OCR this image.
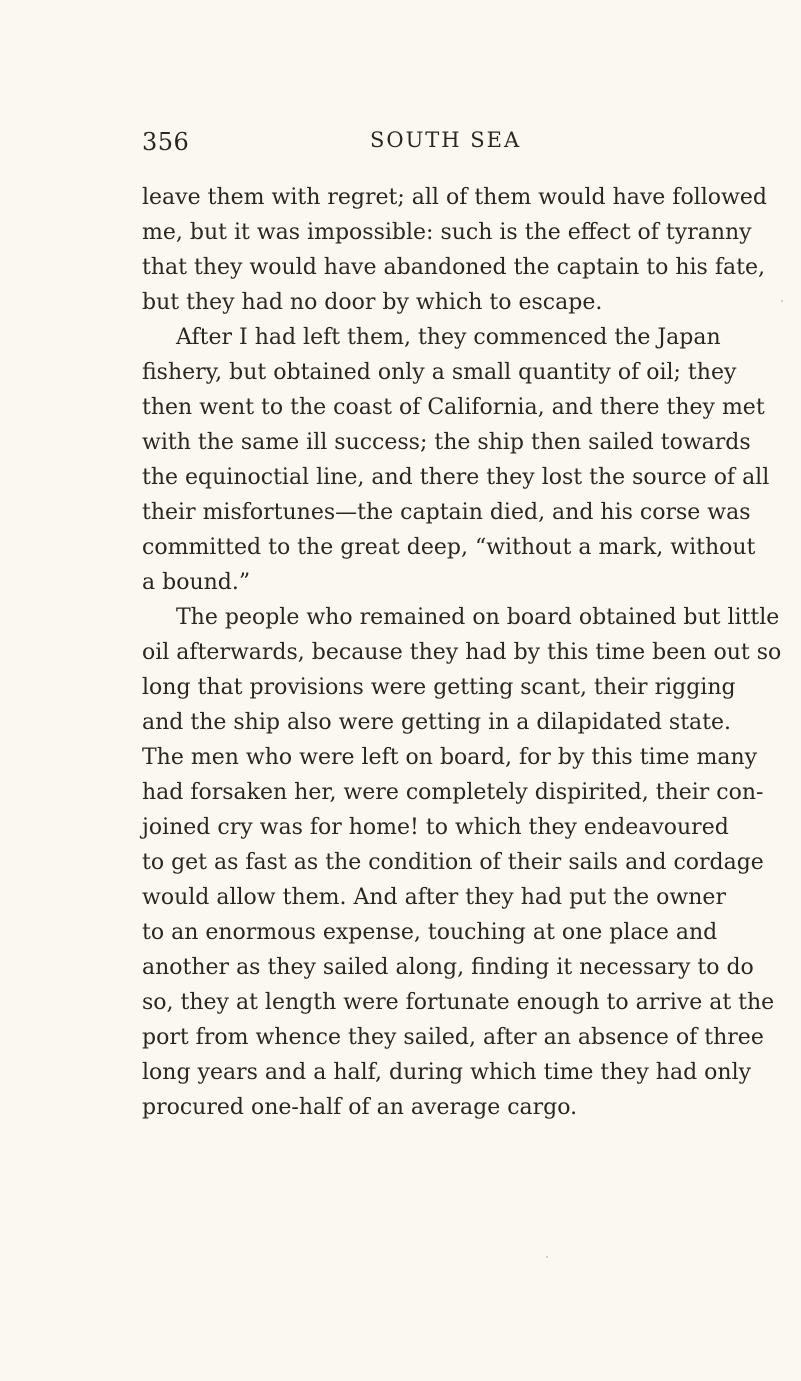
356	SOUTH SEA
leave them with regret; all of them would have followed
me, but it was impossible: such is the effect of tyranny
that they would have abandoned the captain to his fate,
but they had no door by which to escape.
After I had left them, they commenced the Japan
fishery, but obtained only a small quantity of oil; they
then went to the coast of California, and there they met
with the same ill success; the ship then sailed towards
the equinoctial line, and there they lost the source of all
their misfortunes—the captain died, and his corse was
committed to the great deep, “without a mark, without
a bound.”
The people who remained on board obtained but little
oil afterwards, because they had by this time been out so
long that provisions were getting scant, their rigging
and the ship also were getting in a dilapidated state.
The men who were left on board, for by this time many
had forsaken her, were completely dispirited, their con-
joined cry was for home! to which they endeavoured
to get as fast as the condition of their sails and cordage
would allow them. And after they had put the owner
to an enormous expense, touching at one place and
another as they sailed along, finding it necessary to do
so, they at length were fortunate enough to arrive at the
port from whence they sailed, after an absence of three
long years and a half, during which time they had only
procured one-half of an average cargo.
